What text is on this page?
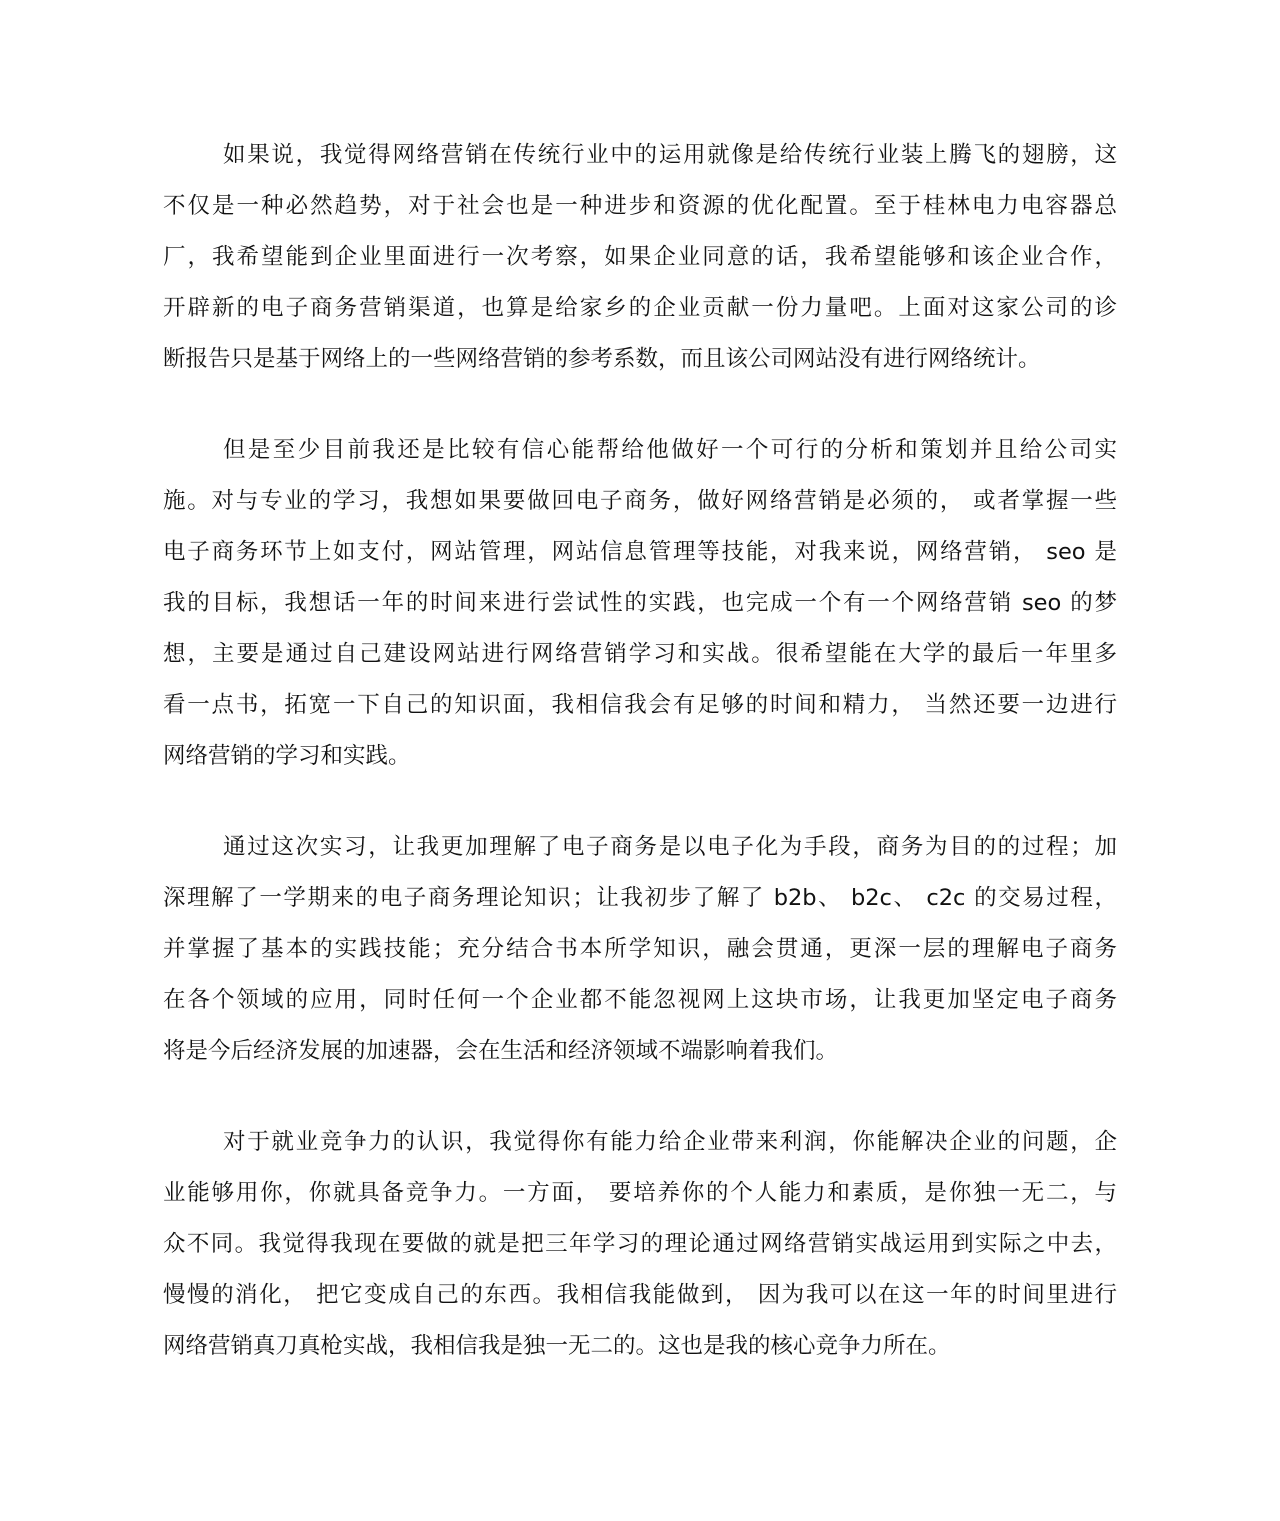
如果说，我觉得网络营销在传统行业中的运用就像是给传统行业装上腾飞的翅膀，这
不仅是一种必然趋势，对于社会也是一种进步和资源的优化配置。至于桂林电力电容器总
厂，我希望能到企业里面进行一次考察，如果企业同意的话，我希望能够和该企业合作，
开辟新的电子商务营销渠道，也算是给家乡的企业贡献一份力量吧。上面对这家公司的诊
断报告只是基于网络上的一些网络营销的参考系数，而且该公司网站没有进行网络统计。
但是至少目前我还是比较有信心能帮给他做好一个可行的分析和策划并且给公司实
施。对与专业的学习，我想如果要做回电子商务，做好网络营销是必须的， 或者掌握一些
电子商务环节上如支付，网站管理，网站信息管理等技能，对我来说，网络营销， seo 是
我的目标，我想话一年的时间来进行尝试性的实践，也完成一个有一个网络营销 seo 的梦
想，主要是通过自己建设网站进行网络营销学习和实战。很希望能在大学的最后一年里多
看一点书，拓宽一下自己的知识面，我相信我会有足够的时间和精力， 当然还要一边进行
网络营销的学习和实践。
通过这次实习，让我更加理解了电子商务是以电子化为手段，商务为目的的过程；加
深理解了一学期来的电子商务理论知识；让我初步了解了 b2b、 b2c、 c2c 的交易过程，
并掌握了基本的实践技能；充分结合书本所学知识，融会贯通，更深一层的理解电子商务
在各个领域的应用，同时任何一个企业都不能忽视网上这块市场，让我更加坚定电子商务
将是今后经济发展的加速器，会在生活和经济领域不端影响着我们。
对于就业竞争力的认识，我觉得你有能力给企业带来利润，你能解决企业的问题，企
业能够用你，你就具备竞争力。一方面， 要培养你的个人能力和素质，是你独一无二，与
众不同。我觉得我现在要做的就是把三年学习的理论通过网络营销实战运用到实际之中去，
慢慢的消化， 把它变成自己的东西。我相信我能做到， 因为我可以在这一年的时间里进行
网络营销真刀真枪实战，我相信我是独一无二的。这也是我的核心竞争力所在。
